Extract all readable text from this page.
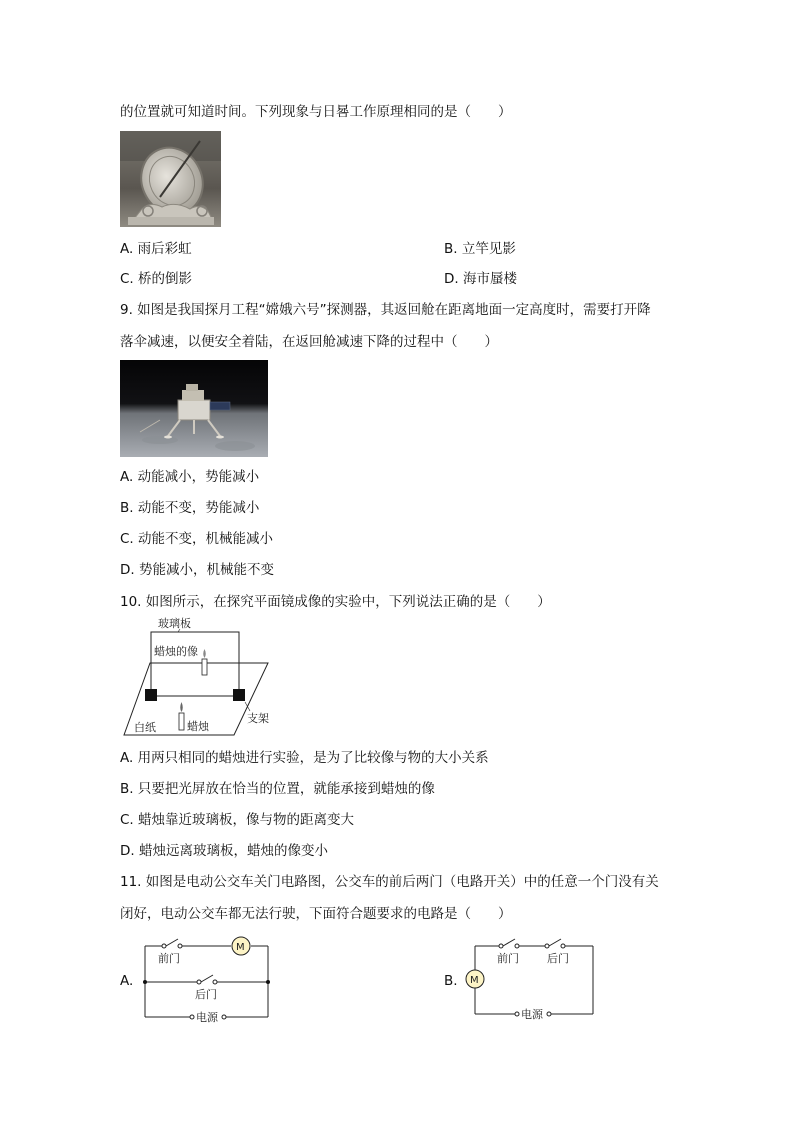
的位置就可知道时间。下列现象与日晷工作原理相同的是（　　）
A. 雨后彩虹	B. 立竿见影
C. 桥的倒影	D. 海市蜃楼
9. 如图是我国探月工程“嫦娥六号”探测器，其返回舱在距离地面一定高度时，需要打开降
落伞减速，以便安全着陆，在返回舱减速下降的过程中（　　）
A. 动能减小，势能减小
B. 动能不变，势能减小
C. 动能不变，机械能减小
D. 势能减小，机械能不变
10. 如图所示，在探究平面镜成像的实验中，下列说法正确的是（　　）
玻璃板
蜡烛的像
白纸	蜡烛
支架
A. 用两只相同的蜡烛进行实验，是为了比较像与物的大小关系
B. 只要把光屏放在恰当的位置，就能承接到蜡烛的像
C. 蜡烛靠近玻璃板，像与物的距离变大
D. 蜡烛远离玻璃板，蜡烛的像变小
11. 如图是电动公交车关门电路图，公交车的前后两门（电路开关）中的任意一个门没有关
闭好，电动公交车都无法行驶，下面符合题要求的电路是（　　）
A.
M
前门
后门
电源
B. M
前门	后门
电源
